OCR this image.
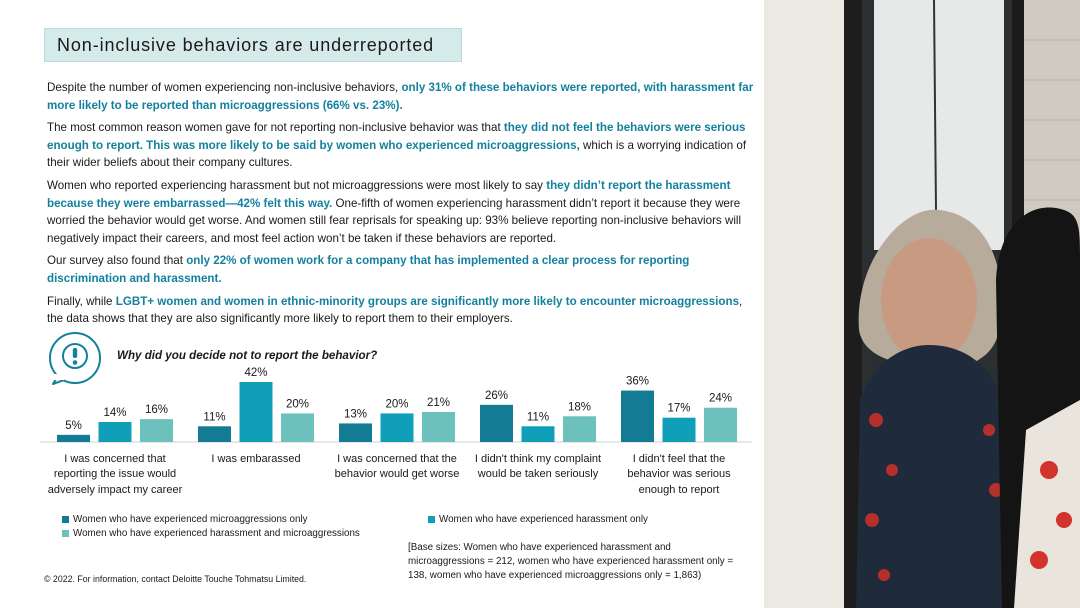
Non-inclusive behaviors are underreported

Despite the number of women experiencing non-inclusive behaviors, only 31% of these behaviors were reported, with harassment far more likely to be reported than microaggressions (66% vs. 23%).

The most common reason women gave for not reporting non-inclusive behavior was that they did not feel the behaviors were serious enough to report. This was more likely to be said by women who experienced microaggressions, which is a worrying indication of their wider beliefs about their company cultures.

Women who reported experiencing harassment but not microaggressions were most likely to say they didn’t report the harassment because they were embarrassed—42% felt this way. One-fifth of women experiencing harassment didn’t report it because they were worried the behavior would get worse. And women still fear reprisals for speaking up: 93% believe reporting non-inclusive behaviors will negatively impact their careers, and most feel action won’t be taken if these behaviors are reported.

Our survey also found that only 22% of women work for a company that has implemented a clear process for reporting discrimination and harassment.

Finally, while LGBT+ women and women in ethnic-minority groups are significantly more likely to encounter microaggressions, the data shows that they are also significantly more likely to report them to their employers.

Why did you decide not to report the behavior?
5%
14% 16%
11%
42%
20%
13%
20% 21%
26%
11%
18%
36%
17%
24%
I was concerned that
reporting the issue would
adversely impact my career
I was embarassed	I was concerned that the
behavior would get worse
I didn't think my complaint
would be taken seriously
I didn't feel that the
behavior was serious
enough to report
Women who have experienced microaggressions only	Women who have experienced harassment only
Women who have experienced harassment and microaggressions
[Base sizes: Women who have experienced harassment and microaggressions = 212, women who have experienced harassment only = 138, women who have experienced microaggressions only = 1,863)
© 2022. For information, contact Deloitte Touche Tohmatsu Limited.
